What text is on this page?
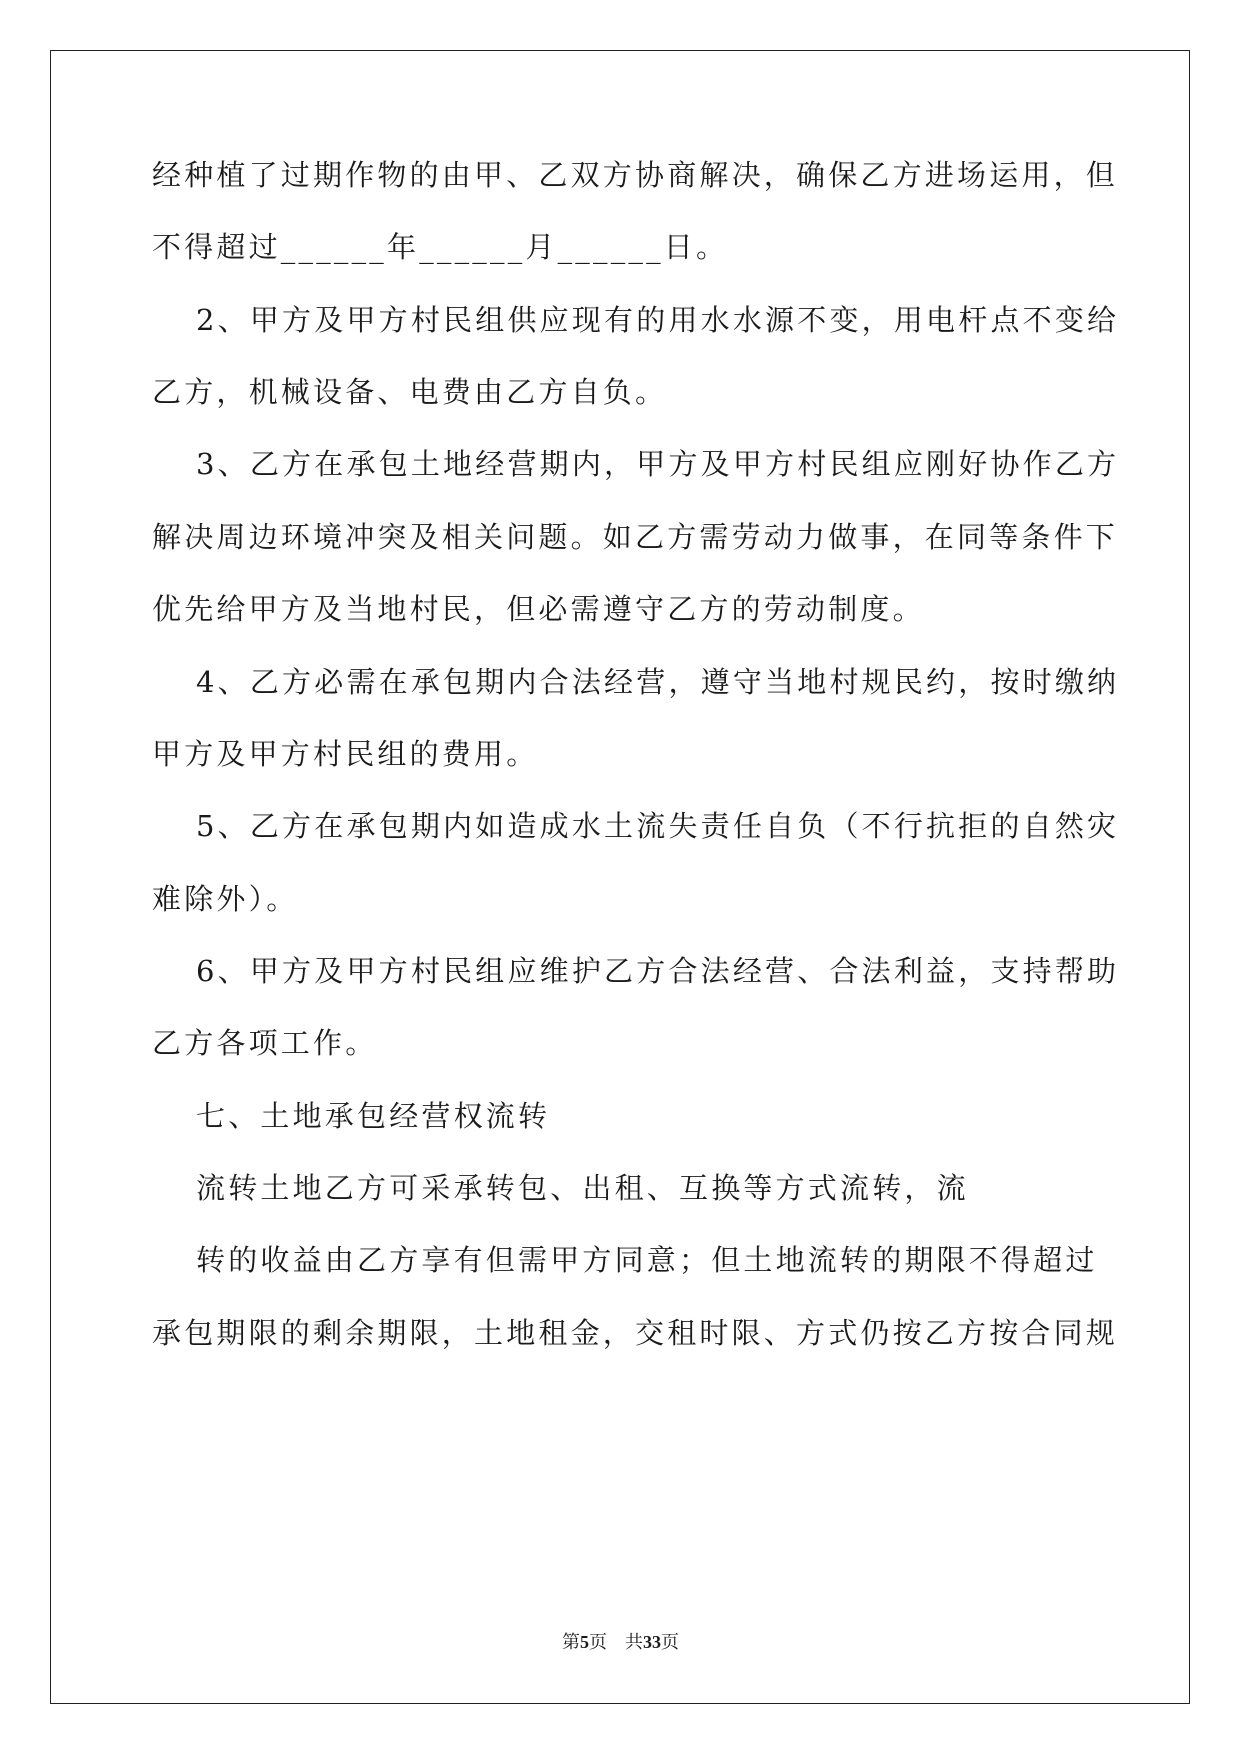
经种植了过期作物的由甲、乙双方协商解决，确保乙方进场运用，但

不得超过______年______月______日。

2、甲方及甲方村民组供应现有的用水水源不变，用电杆点不变给

乙方，机械设备、电费由乙方自负。

3、乙方在承包土地经营期内，甲方及甲方村民组应刚好协作乙方

解决周边环境冲突及相关问题。如乙方需劳动力做事，在同等条件下

优先给甲方及当地村民，但必需遵守乙方的劳动制度。

4、乙方必需在承包期内合法经营，遵守当地村规民约，按时缴纳

甲方及甲方村民组的费用。

5、乙方在承包期内如造成水土流失责任自负（不行抗拒的自然灾

难除外）。

6、甲方及甲方村民组应维护乙方合法经营、合法利益，支持帮助

乙方各项工作。

七、土地承包经营权流转

流转土地乙方可采承转包、出租、互换等方式流转，流

转的收益由乙方享有但需甲方同意；但土地流转的期限不得超过

承包期限的剩余期限，土地租金，交租时限、方式仍按乙方按合同规

第5页 共33页
